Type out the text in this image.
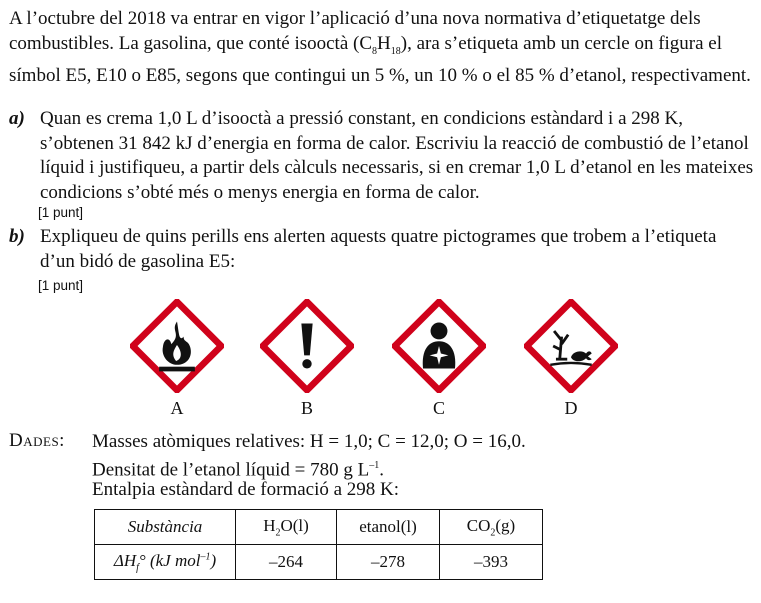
A l’octubre del 2018 va entrar en vigor l’aplicació d’una nova normativa d’etiquetatge dels combustibles. La gasolina, que conté isooctà $(C_8H_{18})$, ara s’etiqueta amb un cercle on figura el símbol E5, E10 o E85, segons que contingui un 5 %, un 10 % o el 85 % d’etanol, respectivament.
a) Quan es crema 1,0 L d’isooctà a pressió constant, en condicions estàndard i a 298 K, s’obtenen 31 842 kJ d’energia en forma de calor. Escriviu la reacció de combustió de l’etanol líquid i justifiqueu, a partir dels càlculs necessaris, si en cremar 1,0 L d’etanol en les mateixes condicions s’obté més o menys energia en forma de calor.
[1 punt]
b) Expliqueu de quins perills ens alerten aquests quatre pictogrames que trobem a l’etiqueta d’un bidó de gasolina E5:
[1 punt]
A	B	C	D
Dades: Masses atòmiques relatives: H = 1,0; C = 12,0; O = 16,0.
Densitat de l’etanol líquid = 780 g $L^{-1}$.
Entalpia estàndard de formació a 298 K:
Substància	$H_2O(l)$	etanol(l)	$CO_2(g)$
$\Delta H_f^\circ$ (kJ mol$^{-1}$)	–264	–278	–393
